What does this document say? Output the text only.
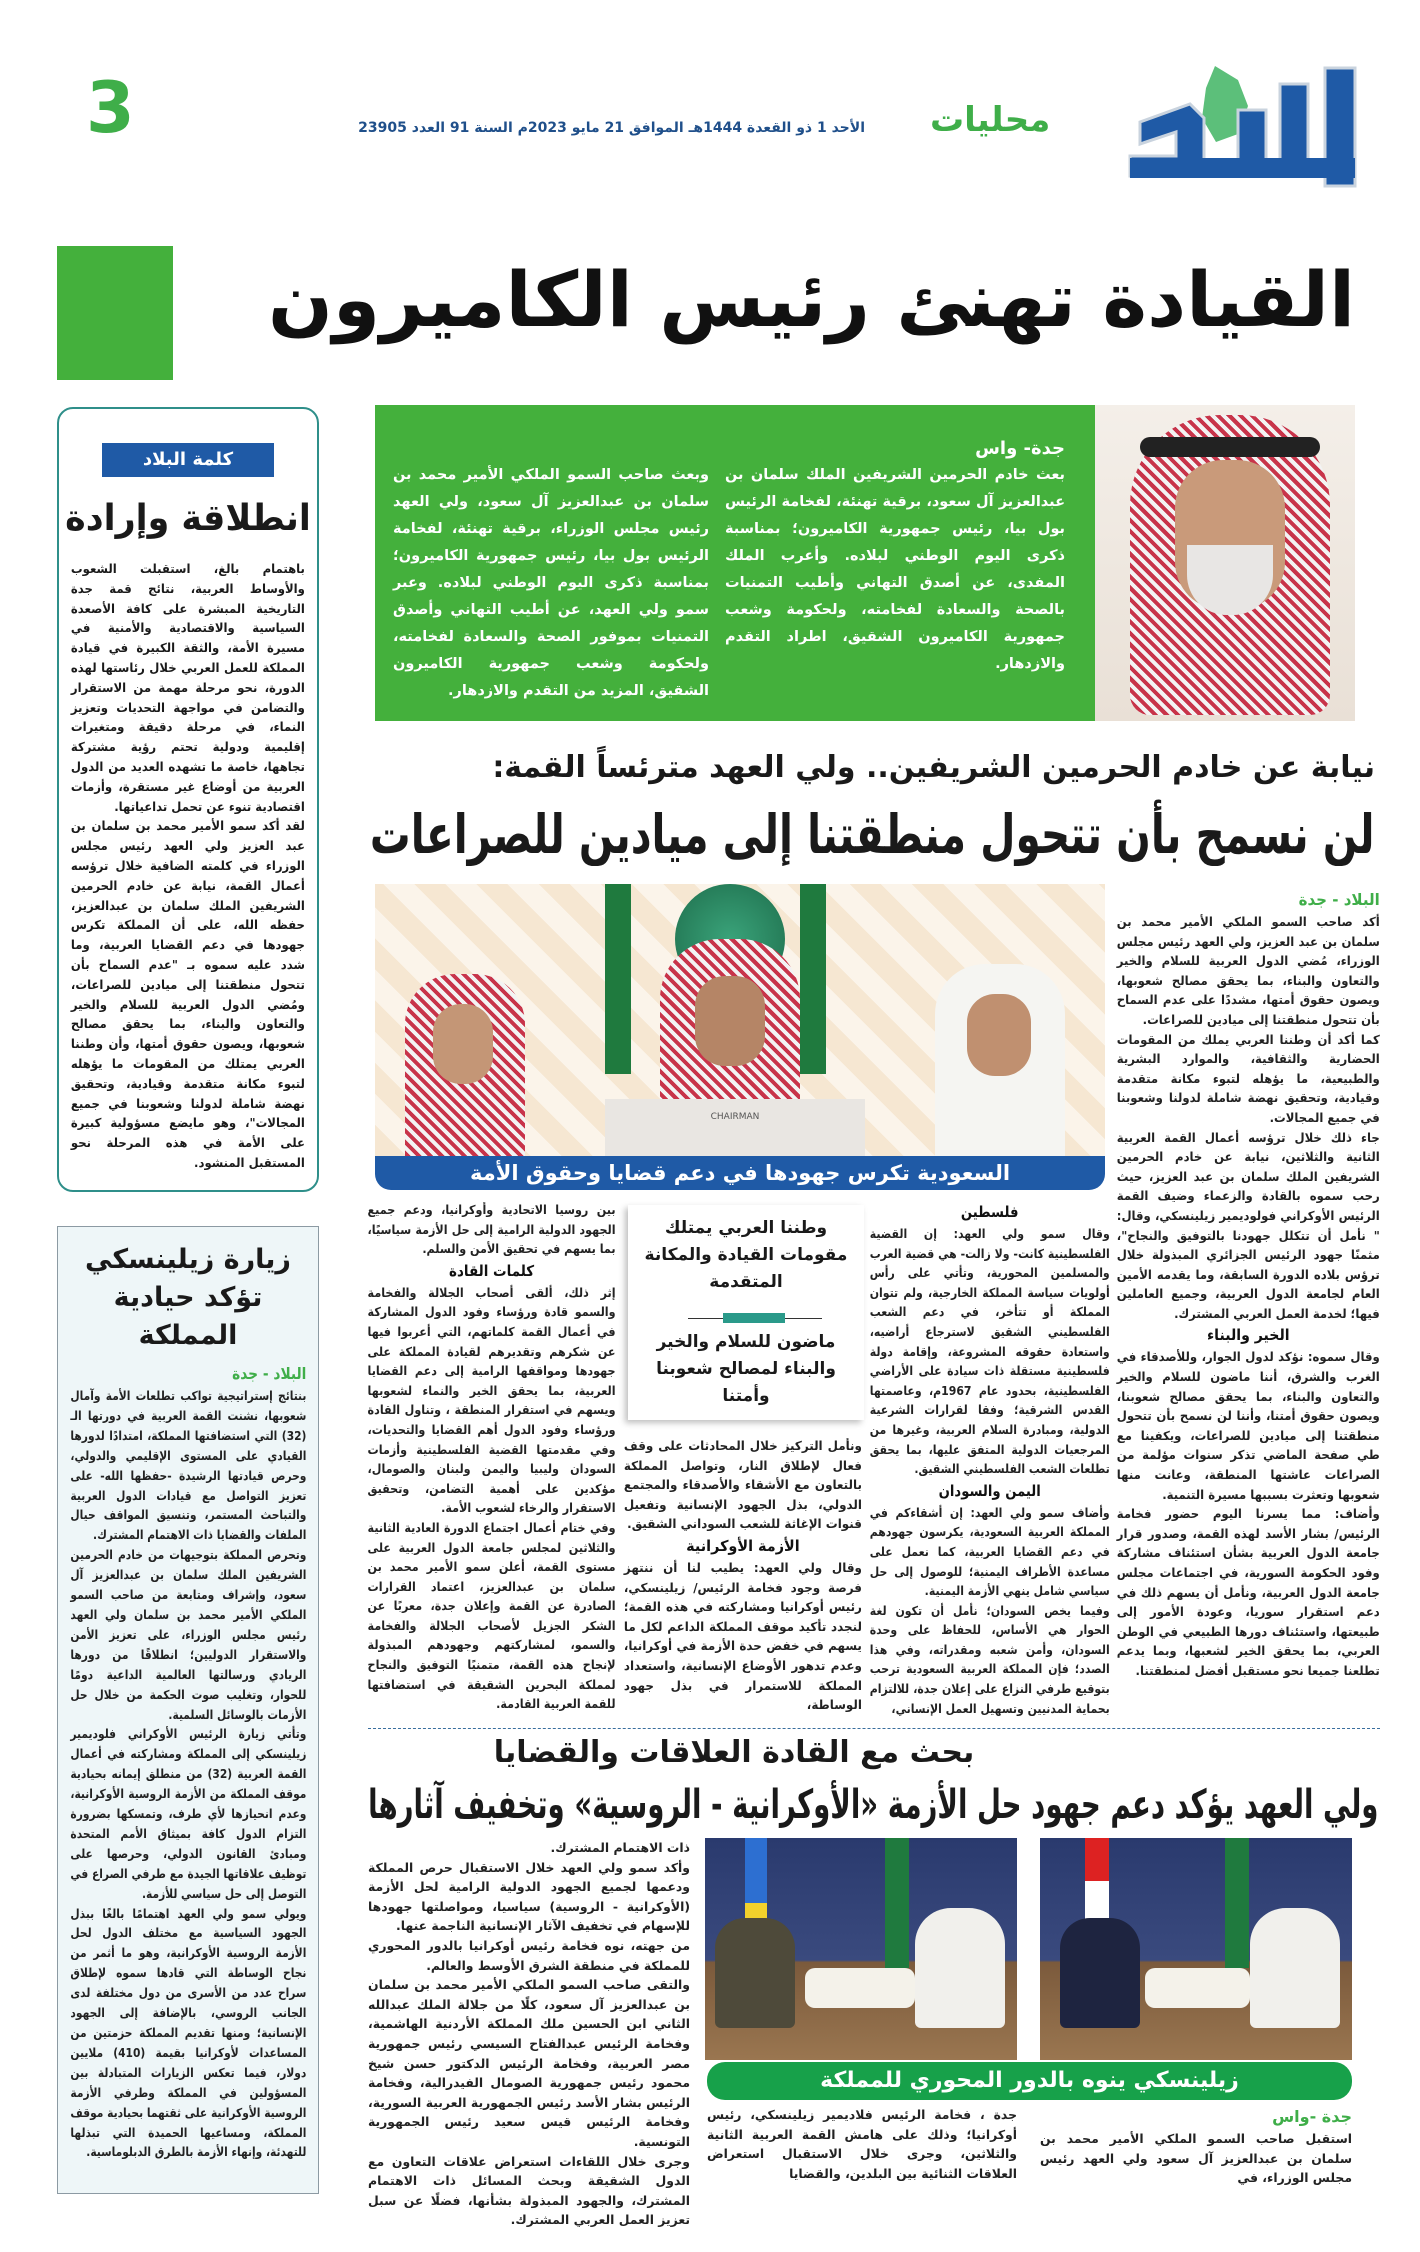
محليات
الأحد 1 ذو القعدة 1444هـ الموافق 21 مايو 2023م السنة 91 العدد 23905
3
القيادة تهنئ رئيس الكاميرون
جدة- واس
بعث خادم الحرمين الشريفين الملك سلمان بن عبدالعزيز آل سعود، برقية تهنئة، لفخامة الرئيس بول بيا، رئيس جمهورية الكاميرون؛ بمناسبة ذكرى اليوم الوطني لبلاده. وأعرب الملك المفدى، عن أصدق التهاني وأطيب التمنيات بالصحة والسعادة لفخامته، ولحكومة وشعب جمهورية الكاميرون الشقيق، اطراد التقدم والازدهار.
وبعث صاحب السمو الملكي الأمير محمد بن سلمان بن عبدالعزيز آل سعود، ولي العهد رئيس مجلس الوزراء، برقية تهنئة، لفخامة الرئيس بول بيا، رئيس جمهورية الكاميرون؛ بمناسبة ذكرى اليوم الوطني لبلاده. وعبر سمو ولي العهد، عن أطيب التهاني وأصدق التمنيات بموفور الصحة والسعادة لفخامته، ولحكومة وشعب جمهورية الكاميرون الشقيق، المزيد من التقدم والازدهار.
كلمة البلاد
انطلاقة وإرادة

باهتمام بالغ، استقبلت الشعوب والأوساط العربية، نتائج قمة جدة التاريخية المبشرة على كافة الأصعدة السياسية والاقتصادية والأمنية في مسيرة الأمة، والثقة الكبيرة في قيادة المملكة للعمل العربي خلال رئاستها لهذه الدورة، نحو مرحلة مهمة من الاستقرار والتضامن في مواجهة التحديات وتعزيز النماء، في مرحلة دقيقة ومتغيرات إقليمية ودولية تحتم رؤية مشتركة تجاهها، خاصة ما تشهده العديد من الدول العربية من أوضاع غير مستقرة، وأزمات اقتصادية تنوء عن تحمل تداعياتها.

لقد أكد سمو الأمير محمد بن سلمان بن عبد العزيز ولي العهد رئيس مجلس الوزراء في كلمته الضافية خلال ترؤسه أعمال القمة، نيابة عن خادم الحرمين الشريفين الملك سلمان بن عبدالعزيز، حفظه الله، على أن المملكة تكرس جهودها في دعم القضايا العربية، وما شدد عليه سموه بـ "عدم السماح بأن تتحول منطقتنا إلى ميادين للصراعات، ومُضي الدول العربية للسلام والخير والتعاون والبناء، بما يحقق مصالح شعوبها، ويصون حقوق أمتها، وأن وطننا العربي يمتلك من المقومات ما يؤهله لتبوء مكانة متقدمة وقيادية، وتحقيق نهضة شاملة لدولنا وشعوبنا في جميع المجالات"، وهو مايضع مسؤولية كبيرة على الأمة في هذه المرحلة نحو المستقبل المنشود.

زيارة زيلينسكي تؤكد حيادية المملكة
البلاد - جدة

بنتائج إستراتيجية تواكب تطلعات الأمة وآمال شعوبها، نشنت القمة العربية في دورتها الـ (32) التي استضافتها المملكة، امتدادًا لدورها القيادي على المستوى الإقليمي والدولي، وحرص قيادتها الرشيدة -حفظها الله- على تعزيز التواصل مع قيادات الدول العربية والتباحث المستمر، وتنسيق المواقف حيال الملفات والقضايا ذات الاهتمام المشترك.

وتحرص المملكة بتوجيهات من خادم الحرمين الشريفين الملك سلمان بن عبدالعزيز آل سعود، وإشراف ومتابعة من صاحب السمو الملكي الأمير محمد بن سلمان ولي العهد رئيس مجلس الوزراء، على تعزيز الأمن والاستقرار الدوليين؛ انطلاقًا من دورها الريادي ورسالتها العالمية الداعية دومًا للحوار، وتغليب صوت الحكمة من خلال حل الأزمات بالوسائل السلمية.

وتأتي زيارة الرئيس الأوكراني فلوديمير زيلينسكي إلى المملكة ومشاركته في أعمال القمة العربية (32) من منطلق إيمانه بحيادية موقف المملكة من الأزمة الروسية الأوكرانية، وعدم انحيازها لأي طرف، وتمسكها بضرورة التزام الدول كافة بميثاق الأمم المتحدة ومبادئ القانون الدولي، وحرصها على توظيف علاقاتها الجيدة مع طرفي الصراع في التوصل إلى حل سياسي للأزمة.

ويولي سمو ولي العهد اهتمامًا بالغًا ببذل الجهود السياسية مع مختلف الدول لحل الأزمة الروسية الأوكرانية، وهو ما أثمر من نجاح الوساطة التي قادها سموه لإطلاق سراح عدد من الأسرى من دول مختلفة لدى الجانب الروسي، بالإضافة إلى الجهود الإنسانية؛ ومنها تقديم المملكة حزمتين من المساعدات لأوكرانيا بقيمة (410) ملايين دولار، فيما تعكس الزيارات المتبادلة بين المسؤولين في المملكة وطرفي الأزمة الروسية الأوكرانية على ثقتهما بحيادية موقف المملكة، ومساعيها الحميدة التي تبذلها للتهدئة، وإنهاء الأزمة بالطرق الدبلوماسية.

نيابة عن خادم الحرمين الشريفين.. ولي العهد مترئساً القمة:
لن نسمح بأن تتحول منطقتنا إلى ميادين للصراعات
CHAIRMAN
السعودية تكرس جهودها في دعم قضايا وحقوق الأمة
البلاد - جدة

أكد صاحب السمو الملكي الأمير محمد بن سلمان بن عبد العزيز، ولي العهد رئيس مجلس الوزراء، مُضي الدول العربية للسلام والخير والتعاون والبناء، بما يحقق مصالح شعوبها، ويصون حقوق أمتها، مشددًا على عدم السماح بأن تتحول منطقتنا إلى ميادين للصراعات.

كما أكد أن وطننا العربي يملك من المقومات الحضارية والثقافية، والموارد البشرية والطبيعية، ما يؤهله لتبوء مكانة متقدمة وقيادية، وتحقيق نهضة شاملة لدولنا وشعوبنا في جميع المجالات.

جاء ذلك خلال ترؤسه أعمال القمة العربية الثانية والثلاثين، نيابة عن خادم الحرمين الشريفين الملك سلمان بن عبد العزيز، حيث رحب سموه بالقادة والزعماء وضيف القمة الرئيس الأوكراني فولوديمير زيلينسكي، وقال: " نأمل أن تتكلل جهودنا بالتوفيق والنجاح"، مثمنًا جهود الرئيس الجزائري المبذولة خلال ترؤس بلاده الدورة السابقة، وما يقدمه الأمين العام لجامعة الدول العربية، وجميع العاملين فيها؛ لخدمة العمل العربي المشترك.

الخير والبناء

وقال سموه: نؤكد لدول الجوار، وللأصدقاء في الغرب والشرق، أننا ماضون للسلام والخير والتعاون والبناء، بما يحقق مصالح شعوبنا، ويصون حقوق أمتنا، وأننا لن نسمح بأن تتحول منطقتنا إلى ميادين للصراعات، ويكفينا مع طي صفحة الماضي تذكر سنوات مؤلمة من الصراعات عاشتها المنطقة، وعانت منها شعوبها وتعثرت بسببها مسيرة التنمية.

وأضاف: مما يسرنا اليوم حضور فخامة الرئيس/ بشار الأسد لهذه القمة، وصدور قرار جامعة الدول العربية بشأن استئناف مشاركة وفود الحكومة السورية، في اجتماعات مجلس جامعة الدول العربية، ونأمل أن يسهم ذلك في دعم استقرار سوريا، وعودة الأمور إلى طبيعتها، واستئناف دورها الطبيعي في الوطن العربي، بما يحقق الخير لشعبها، وبما يدعم تطلعنا جميعا نحو مستقبل أفضل لمنطقتنا.

فلسطين

وقال سمو ولي العهد: إن القضية الفلسطينية كانت- ولا زالت- هي قضية العرب والمسلمين المحورية، وتأتي على رأس أولويات سياسة المملكة الخارجية، ولم تتوان المملكة أو تتأخر، في دعم الشعب الفلسطيني الشقيق لاسترجاع أراضيه، واستعادة حقوقه المشروعة، وإقامة دولة فلسطينية مستقلة ذات سيادة على الأراضي الفلسطينية، بحدود عام 1967م، وعاصمتها القدس الشرقية؛ وفقا لقرارات الشرعية الدولية، ومبادرة السلام العربية، وغيرها من المرجعيات الدولية المتفق عليها، بما يحقق تطلعات الشعب الفلسطيني الشقيق.

اليمن والسودان

وأضاف سمو ولي العهد: إن أشقاءكم في المملكة العربية السعودية، يكرسون جهودهم في دعم القضايا العربية، كما نعمل على مساعدة الأطراف اليمنية؛ للوصول إلى حل سياسي شامل ينهي الأزمة اليمنية.

وفيما يخص السودان؛ نأمل أن تكون لغة الحوار هي الأساس، للحفاظ على وحدة السودان، وأمن شعبه ومقدراته، وفي هذا الصدد؛ فإن المملكة العربية السعودية ترحب بتوقيع طرفي النزاع على إعلان جدة، للالتزام بحماية المدنيين وتسهيل العمل الإنساني،

وطننا العربي يمتلك مقومات القيادة والمكانة المتقدمة
ماضون للسلام والخير والبناء لمصالح شعوبنا وأمتنا

ونأمل التركيز خلال المحادثات على وقف فعال لإطلاق النار، وتواصل المملكة بالتعاون مع الأشقاء والأصدقاء والمجتمع الدولي، بذل الجهود الإنسانية وتفعيل قنوات الإغاثة للشعب السوداني الشقيق.

الأزمة الأوكرانية

وقال ولي العهد: يطيب لنا أن ننتهز فرصة وجود فخامة الرئيس/ زيلينسكي، رئيس أوكرانيا ومشاركته في هذه القمة؛ لنجدد تأكيد موقف المملكة الداعم لكل ما يسهم في خفض حدة الأزمة في أوكرانيا، وعدم تدهور الأوضاع الإنسانية، واستعداد المملكة للاستمرار في بذل جهود الوساطة،

بين روسيا الاتحادية وأوكرانيا، ودعم جميع الجهود الدولية الرامية إلى حل الأزمة سياسيًا، بما يسهم في تحقيق الأمن والسلم.

كلمات القادة

إثر ذلك، ألقى أصحاب الجلالة والفخامة والسمو قادة ورؤساء وفود الدول المشاركة في أعمال القمة كلماتهم، التي أعربوا فيها عن شكرهم وتقديرهم لقيادة المملكة على جهودها ومواقفها الرامية إلى دعم القضايا العربية، بما يحقق الخير والنماء لشعوبها ويسهم في استقرار المنطقة ، وتناول القادة ورؤساء وفود الدول أهم القضايا والتحديات، وفي مقدمتها القضية الفلسطينية وأزمات السودان وليبيا واليمن ولبنان والصومال، مؤكدين على أهمية التضامن، وتحقيق الاستقرار والرخاء لشعوب الأمة.

وفي ختام أعمال اجتماع الدورة العادية الثانية والثلاثين لمجلس جامعة الدول العربية على مستوى القمة، أعلن سمو الأمير محمد بن سلمان بن عبدالعزيز، اعتماد القرارات الصادرة عن القمة وإعلان جدة، معربًا عن الشكر الجزيل لأصحاب الجلالة والفخامة والسمو، لمشاركتهم وجهودهم المبذولة لإنجاح هذه القمة، متمنيًا التوفيق والنجاح لمملكة البحرين الشقيقة في استضافتها للقمة العربية القادمة.

بحث مع القادة العلاقات والقضايا
ولي العهد يؤكد دعم جهود حل الأزمة «الأوكرانية - الروسية» وتخفيف آثارها
زيلينسكي ينوه بالدور المحوري للمملكة
جدة -واس
استقبل صاحب السمو الملكي الأمير محمد بن سلمان بن عبدالعزيز آل سعود ولي العهد رئيس مجلس الوزراء، في
جدة ، فخامة الرئيس فلاديمير زيلينسكي، رئيس أوكرانيا؛ وذلك على هامش القمة العربية الثانية والثلاثين، وجرى خلال الاستقبال استعراض العلاقات الثنائية بين البلدين، والقضايا

ذات الاهتمام المشترك.

وأكد سمو ولي العهد خلال الاستقبال حرص المملكة ودعمها لجميع الجهود الدولية الرامية لحل الأزمة (الأوكرانية - الروسية) سياسيا، ومواصلتها جهودها للإسهام في تخفيف الآثار الإنسانية الناجمة عنها.

من جهته، نوه فخامة رئيس أوكرانيا بالدور المحوري للمملكة في منطقة الشرق الأوسط والعالم.

والتقى صاحب السمو الملكي الأمير محمد بن سلمان بن عبدالعزيز آل سعود، كلًا من جلالة الملك عبدالله الثاني ابن الحسين ملك المملكة الأردنية الهاشمية، وفخامة الرئيس عبدالفتاح السيسي رئيس جمهورية مصر العربية، وفخامة الرئيس الدكتور حسن شيخ محمود رئيس جمهورية الصومال الفيدرالية، وفخامة الرئيس بشار الأسد رئيس الجمهورية العربية السورية، وفخامة الرئيس قيس سعيد رئيس الجمهورية التونسية.

وجرى خلال اللقاءات استعراض علاقات التعاون مع الدول الشقيقة وبحث المسائل ذات الاهتمام المشترك، والجهود المبذولة بشأنها، فضلًا عن سبل تعزيز العمل العربي المشترك.
